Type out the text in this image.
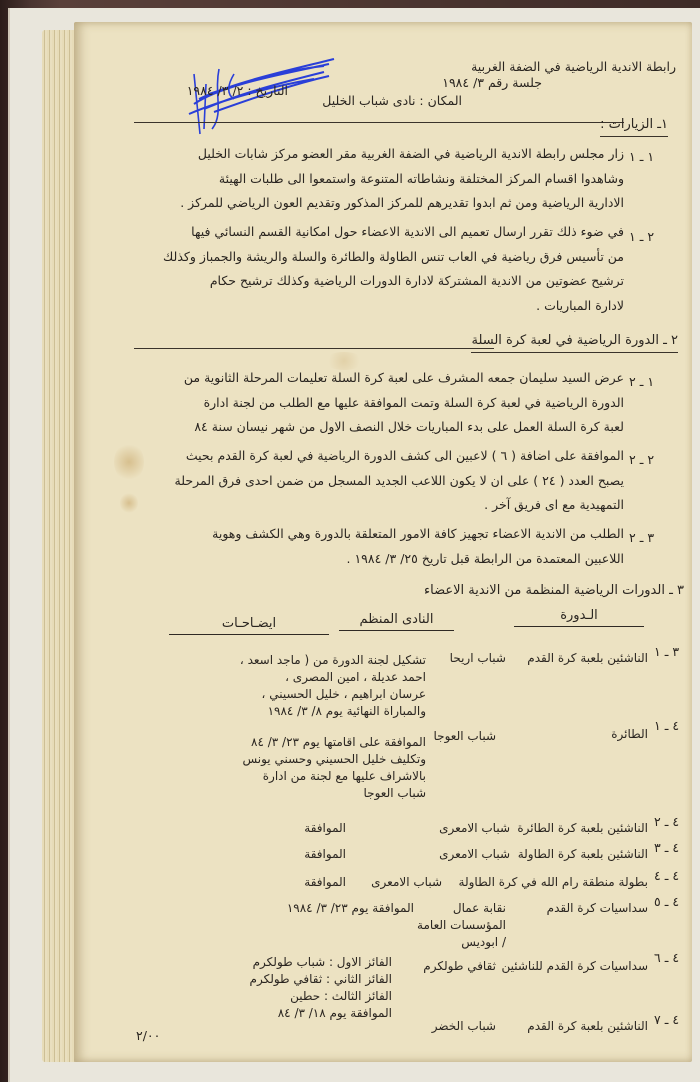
رابطة الاندية الرياضية في الضفة الغربية
جلسة رقم ٣/ ١٩٨٤
التاريخ : ٢/ ٣/ ١٩٨٤
المكان : نادى شباب الخليل
١ـ الزيارات :
١ ـ ١
زار مجلس رابطة الاندية الرياضية في الضفة الغربية مقر العضو مركز شابات الخليل
وشاهدوا اقسام المركز المختلفة ونشاطاته المتنوعة واستمعوا الى طلبات الهيئة
الادارية الرياضية ومن ثم ابدوا تقديرهم للمركز المذكور وتقديم العون الرياضي للمركز .
٢ ـ ١
في ضوء ذلك تقرر ارسال تعميم الى الاندية الاعضاء حول امكانية القسم النسائي فيها
من تأسيس فرق رياضية في العاب تنس الطاولة والطائرة والسلة والريشة والجمباز وكذلك
ترشيح عضوتين من الاندية المشتركة لادارة الدورات الرياضية وكذلك ترشيح حكام
لادارة المباريات .
٢ ـ الدورة الرياضية في لعبة كرة السلة
١ ـ ٢
عرض السيد سليمان جمعه المشرف على لعبة كرة السلة تعليمات المرحلة الثانوية من
الدورة الرياضية في لعبة كرة السلة وتمت الموافقة عليها مع الطلب من لجنة ادارة
لعبة كرة السلة العمل على بدء المباريات خلال النصف الاول من شهر نيسان سنة ٨٤
٢ ـ ٢
الموافقة على اضافة ( ٦ ) لاعبين الى كشف الدورة الرياضية في لعبة كرة القدم بحيث
يصبح العدد ( ٢٤ ) على ان لا يكون اللاعب الجديد المسجل من ضمن احدى فرق المرحلة
التمهيدية مع اى فريق آخر .
٣ ـ ٢
الطلب من الاندية الاعضاء تجهيز كافة الامور المتعلقة بالدورة وهي الكشف وهوية
اللاعبين المعتمدة من الرابطة قبل تاريخ ٢٥/ ٣/ ١٩٨٤ .
٣ ـ الدورات الرياضية المنظمة من الاندية الاعضاء
الـدورة
النادى المنظم
ايضـاحـات
٣ ـ ١
الناشئين بلعبة كرة القدم
شباب اريحا
تشكيل لجنة الدورة من ( ماجد اسعد ،
احمد عديلة ، امين المصرى ،
عرسان ابراهيم ، خليل الحسيني ،
والمباراة النهائية يوم ٨/ ٣/ ١٩٨٤
٤ ـ ١
الطائرة
شباب العوجا
الموافقة على اقامتها يوم ٢٣/ ٣/ ٨٤
وتكليف خليل الحسيني وحسني يونس
بالاشراف عليها مع لجنة من ادارة
شباب العوجا
٤ ـ ٢
الناشئين بلعبة كرة الطائرة
شباب الامعرى
الموافقة
٤ ـ ٣
الناشئين بلعبة كرة الطاولة
شباب الامعرى
الموافقة
٤ ـ ٤
بطولة منطقة رام الله في كرة الطاولة
شباب الامعرى
الموافقة
٤ ـ ٥
سداسيات كرة القدم
نقابة عمال المؤسسات العامة / ابوديس
الموافقة يوم ٢٣/ ٣/ ١٩٨٤
٤ ـ ٦
سداسيات كرة القدم للناشئين
ثقافي طولكرم
الفائز الاول : شباب طولكرم
الفائز الثاني : ثقافي طولكرم
الفائز الثالث : حطين
الموافقة يوم ١٨/ ٣/ ٨٤	٤ ـ ٧
الناشئين بلعبة كرة القدم
شباب الخضر
٢/٠٠
